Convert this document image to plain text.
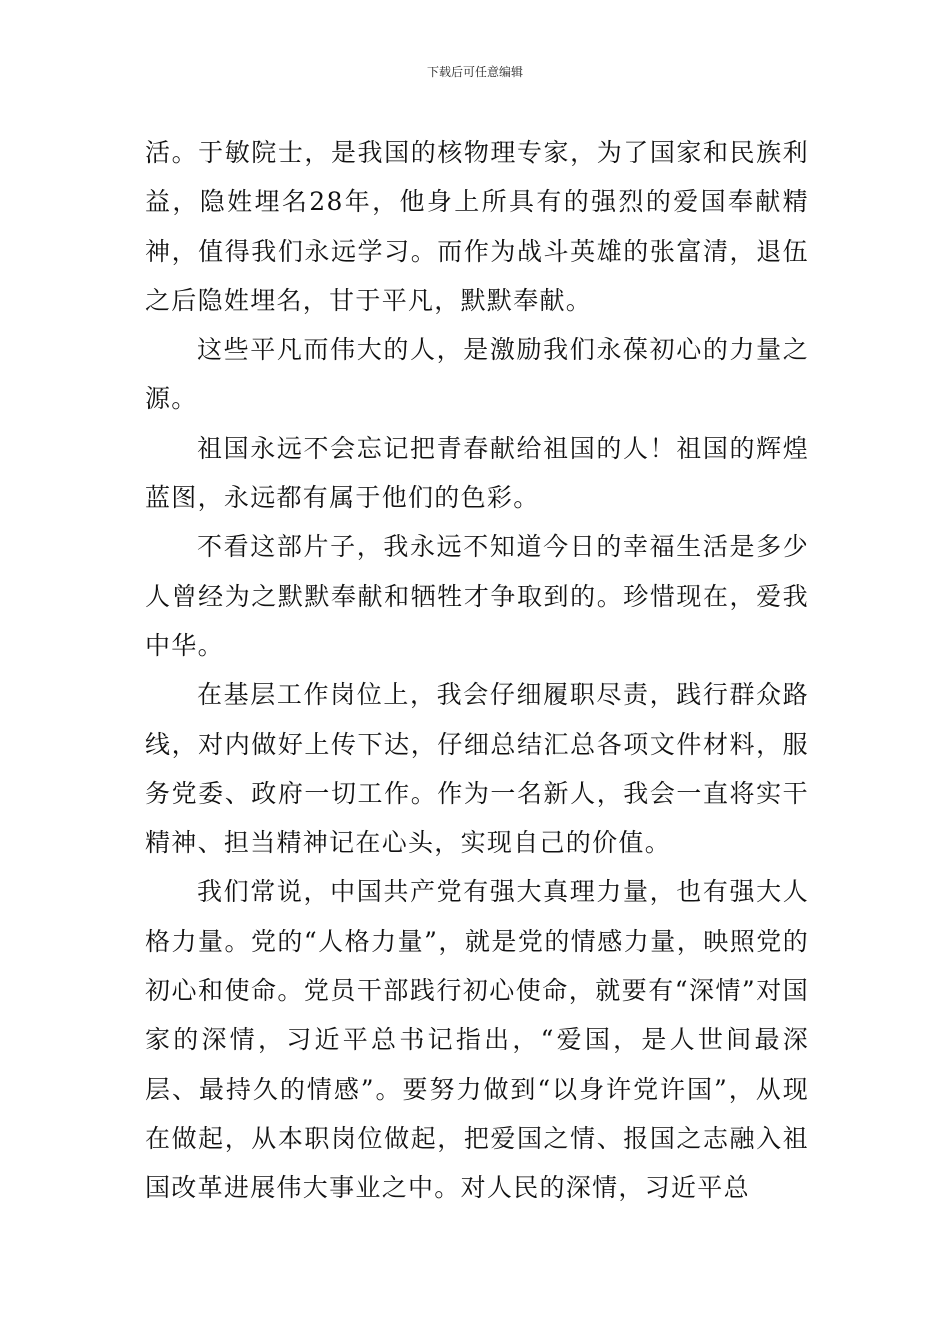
下载后可任意编辑

活。于敏院士，是我国的核物理专家，为了国家和民族利益，隐姓埋名28年，他身上所具有的强烈的爱国奉献精神，值得我们永远学习。而作为战斗英雄的张富清，退伍之后隐姓埋名，甘于平凡，默默奉献。

这些平凡而伟大的人，是激励我们永葆初心的力量之源。

祖国永远不会忘记把青春献给祖国的人！祖国的辉煌蓝图，永远都有属于他们的色彩。

不看这部片子，我永远不知道今日的幸福生活是多少人曾经为之默默奉献和牺牲才争取到的。珍惜现在，爱我中华。

在基层工作岗位上，我会仔细履职尽责，践行群众路线，对内做好上传下达，仔细总结汇总各项文件材料，服务党委、政府一切工作。作为一名新人，我会一直将实干精神、担当精神记在心头，实现自己的价值。

我们常说，中国共产党有强大真理力量，也有强大人格力量。党的“人格力量”，就是党的情感力量，映照党的初心和使命。党员干部践行初心使命，就要有“深情”对国家的深情，习近平总书记指出，“爱国，是人世间最深层、最持久的情感”。要努力做到“以身许党许国”，从现在做起，从本职岗位做起，把爱国之情、报国之志融入祖国改革进展伟大事业之中。对人民的深情，习近平总
